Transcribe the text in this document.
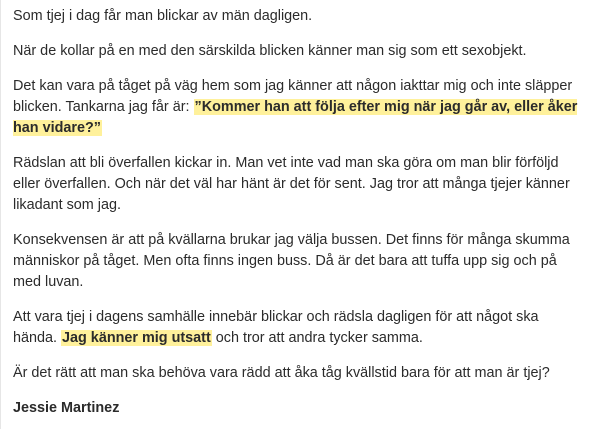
Som tjej i dag får man blickar av män dagligen.

När de kollar på en med den särskilda blicken känner man sig som ett sexobjekt.

Det kan vara på tåget på väg hem som jag känner att någon iakttar mig och inte släpper blicken. Tankarna jag får är: ”Kommer han att följa efter mig när jag går av, eller åker han vidare?”

Rädslan att bli överfallen kickar in. Man vet inte vad man ska göra om man blir förföljd eller överfallen. Och när det väl har hänt är det för sent. Jag tror att många tjejer känner likadant som jag.

Konsekvensen är att på kvällarna brukar jag välja bussen. Det finns för många skumma människor på tåget. Men ofta finns ingen buss. Då är det bara att tuffa upp sig och på med luvan.

Att vara tjej i dagens samhälle innebär blickar och rädsla dagligen för att något ska hända. Jag känner mig utsatt och tror att andra tycker samma.

Är det rätt att man ska behöva vara rädd att åka tåg kvällstid bara för att man är tjej?

Jessie Martinez
